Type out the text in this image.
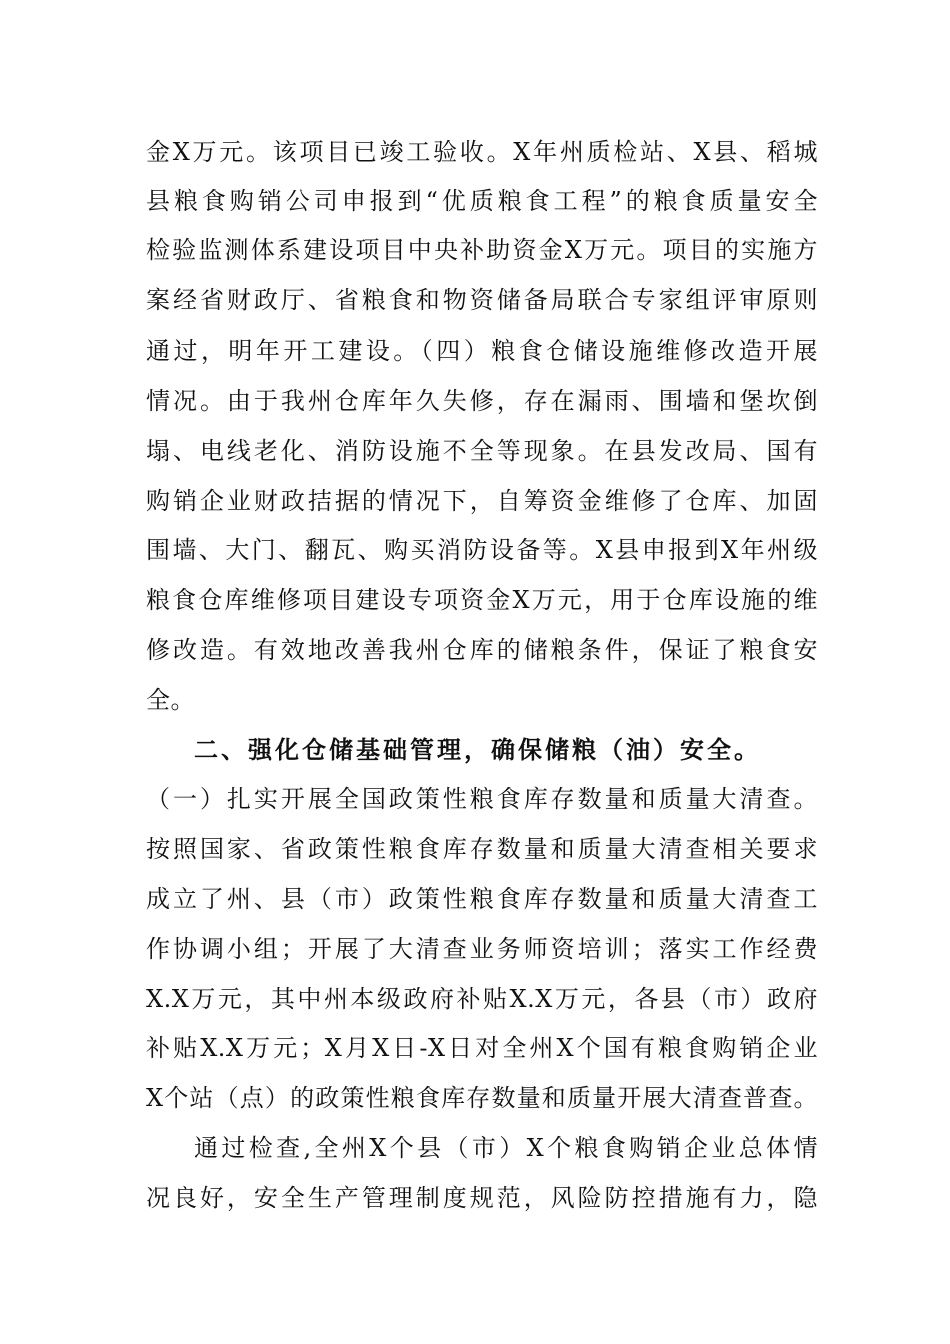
金X万元。该项目已竣工验收。X年州质检站、X县、稻城
县粮食购销公司申报到“优质粮食工程”的粮食质量安全
检验监测体系建设项目中央补助资金X万元。项目的实施方
案经省财政厅、省粮食和物资储备局联合专家组评审原则
通过，明年开工建设。（四）粮食仓储设施维修改造开展
情况。由于我州仓库年久失修，存在漏雨、围墙和堡坎倒
塌、电线老化、消防设施不全等现象。在县发改局、国有
购销企业财政拮据的情况下，自筹资金维修了仓库、加固
围墙、大门、翻瓦、购买消防设备等。X县申报到X年州级
粮食仓库维修项目建设专项资金X万元，用于仓库设施的维
修改造。有效地改善我州仓库的储粮条件，保证了粮食安
全。
二、强化仓储基础管理，确保储粮（油）安全。
（一）扎实开展全国政策性粮食库存数量和质量大清查。
按照国家、省政策性粮食库存数量和质量大清查相关要求
成立了州、县（市）政策性粮食库存数量和质量大清查工
作协调小组；开展了大清查业务师资培训；落实工作经费
X.X万元，其中州本级政府补贴X.X万元，各县（市）政府
补贴X.X万元；X月X日-X日对全州X个国有粮食购销企业
X个站（点）的政策性粮食库存数量和质量开展大清查普查。
通过检查,全州X个县（市）X个粮食购销企业总体情
况良好，安全生产管理制度规范，风险防控措施有力，隐
